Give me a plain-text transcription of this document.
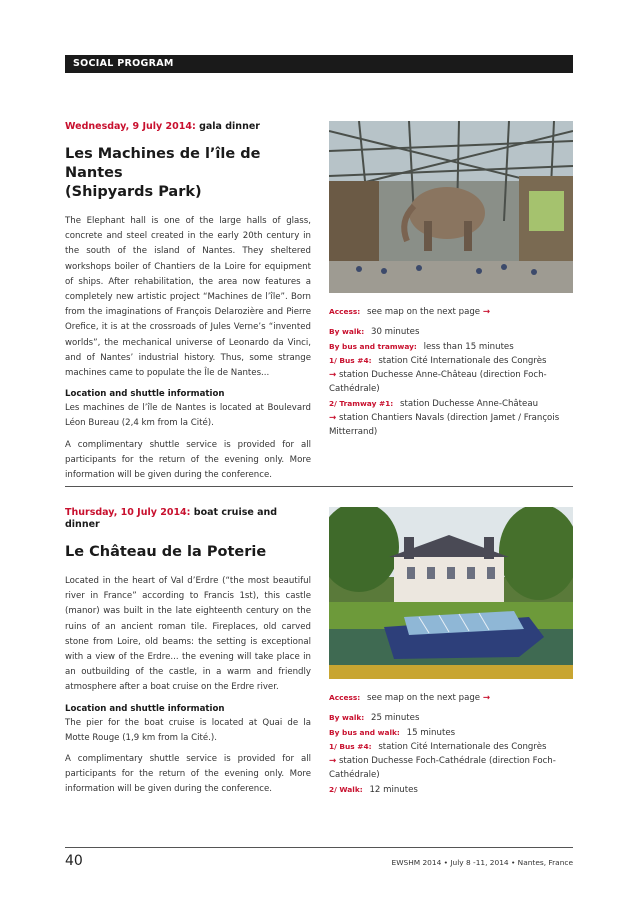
SOCIAL PROGRAM
Wednesday, 9 July 2014: gala dinner
Les Machines de l’île de Nantes
(Shipyards Park)

The Elephant hall is one of the large halls of glass, concrete and steel created in the early 20th century in the south of the island of Nantes. They sheltered workshops boiler of Chantiers de la Loire for equipment of ships. After rehabilitation, the area now features a completely new artistic project “Machines de l’île”. Born from the imaginations of François Delarozière and Pierre Orefice, it is at the crossroads of Jules Verne’s “invented worlds”, the mechanical universe of Leonardo da Vinci, and of Nantes’ industrial history. Thus, some strange machines came to populate the Île de Nantes...

Location and shuttle information

Les machines de l’île de Nantes is located at Boulevard Léon Bureau (2,4 km from la Cité).

A complimentary shuttle service is provided for all participants for the return of the evening only. More information will be given during the conference.

Access: see map on the next page →
By walk: 30 minutes
By bus and tramway: less than 15 minutes
1/ Bus #4: station Cité Internationale des Congrès
→ station Duchesse Anne-Château (direction Foch-Cathédrale)
2/ Tramway #1: station Duchesse Anne-Château
→ station Chantiers Navals (direction Jamet / François Mitterrand)
Thursday, 10 July 2014: boat cruise and dinner
Le Château de la Poterie

Located in the heart of Val d’Erdre (“the most beautiful river in France” according to Francis 1st), this castle (manor) was built in the late eighteenth century on the ruins of an ancient roman tile. Fireplaces, old carved stone from Loire, old beams: the setting is exceptional with a view of the Erdre... the evening will take place in an outbuilding of the castle, in a warm and friendly atmosphere after a boat cruise on the Erdre river.

Location and shuttle information

The pier for the boat cruise is located at Quai de la Motte Rouge (1,9 km from la Cité.).

A complimentary shuttle service is provided for all participants for the return of the evening only. More information will be given during the conference.

Access: see map on the next page →
By walk: 25 minutes
By bus and walk: 15 minutes
1/ Bus #4: station Cité Internationale des Congrès
→ station Duchesse Foch-Cathédrale (direction Foch-Cathédrale)
2/ Walk: 12 minutes
40	EWSHM 2014 • July 8 -11, 2014 • Nantes, France
